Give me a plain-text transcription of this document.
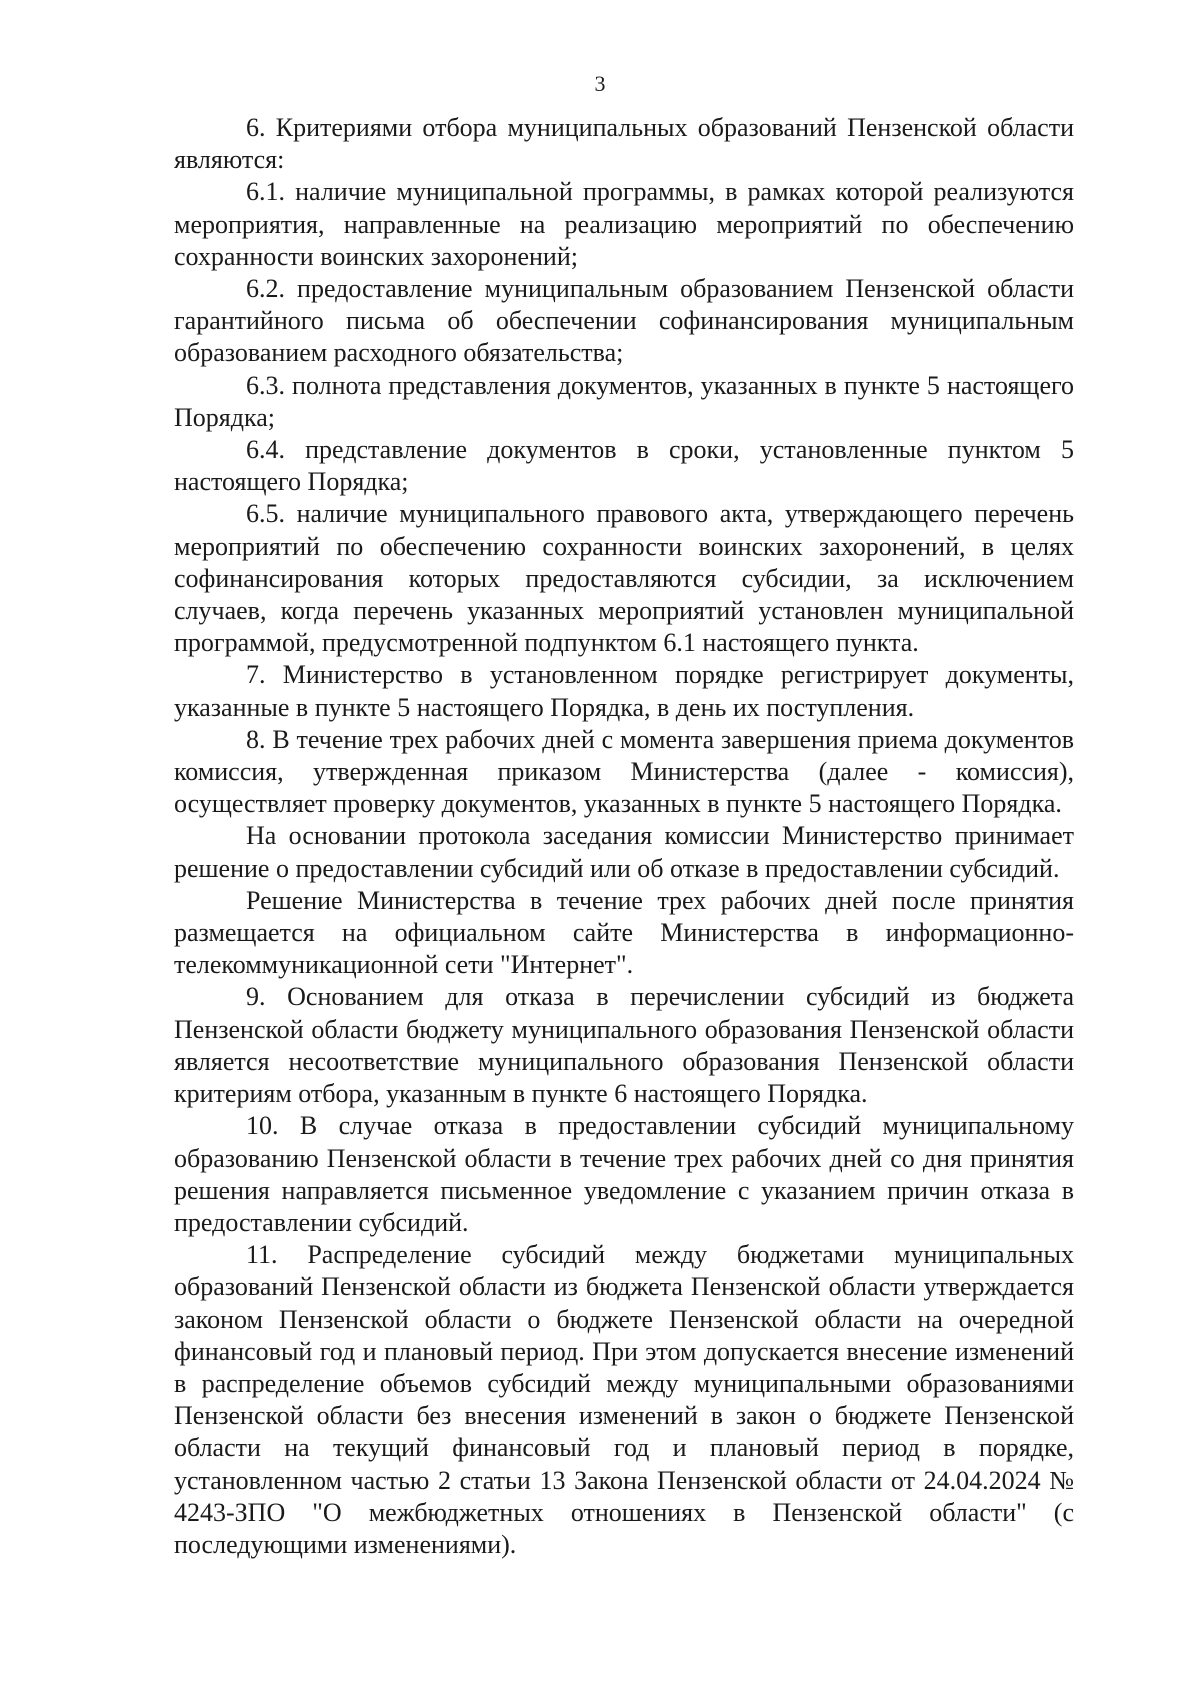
3

6. Критериями отбора муниципальных образований Пензенской области являются:

6.1. наличие муниципальной программы, в рамках которой реализуются мероприятия, направленные на реализацию мероприятий по обеспечению сохранности воинских захоронений;

6.2. предоставление муниципальным образованием Пензенской области гарантийного письма об обеспечении софинансирования муниципальным образованием расходного обязательства;

6.3. полнота представления документов, указанных в пункте 5 настоящего Порядка;

6.4. представление документов в сроки, установленные пунктом 5 настоящего Порядка;

6.5. наличие муниципального правового акта, утверждающего перечень мероприятий по обеспечению сохранности воинских захоронений, в целях софинансирования которых предоставляются субсидии, за исключением случаев, когда перечень указанных мероприятий установлен муниципальной программой, предусмотренной подпунктом 6.1 настоящего пункта.

7. Министерство в установленном порядке регистрирует документы, указанные в пункте 5 настоящего Порядка, в день их поступления.

8. В течение трех рабочих дней с момента завершения приема документов комиссия, утвержденная приказом Министерства (далее - комиссия), осуществляет проверку документов, указанных в пункте 5 настоящего Порядка.

На основании протокола заседания комиссии Министерство принимает решение о предоставлении субсидий или об отказе в предоставлении субсидий.

Решение Министерства в течение трех рабочих дней после принятия размещается на официальном сайте Министерства в информационно-телекоммуникационной сети "Интернет".

9. Основанием для отказа в перечислении субсидий из бюджета Пензенской области бюджету муниципального образования Пензенской области является несоответствие муниципального образования Пензенской области критериям отбора, указанным в пункте 6 настоящего Порядка.

10. В случае отказа в предоставлении субсидий муниципальному образованию Пензенской области в течение трех рабочих дней со дня принятия решения направляется письменное уведомление с указанием причин отказа в предоставлении субсидий.

11. Распределение субсидий между бюджетами муниципальных образований Пензенской области из бюджета Пензенской области утверждается законом Пензенской области о бюджете Пензенской области на очередной финансовый год и плановый период. При этом допускается внесение изменений в распределение объемов субсидий между муниципальными образованиями Пензенской области без внесения изменений в закон о бюджете Пензенской области на текущий финансовый год и плановый период в порядке, установленном частью 2 статьи 13 Закона Пензенской области от 24.04.2024 № 4243-ЗПО "О межбюджетных отношениях в Пензенской области" (с последующими изменениями).
